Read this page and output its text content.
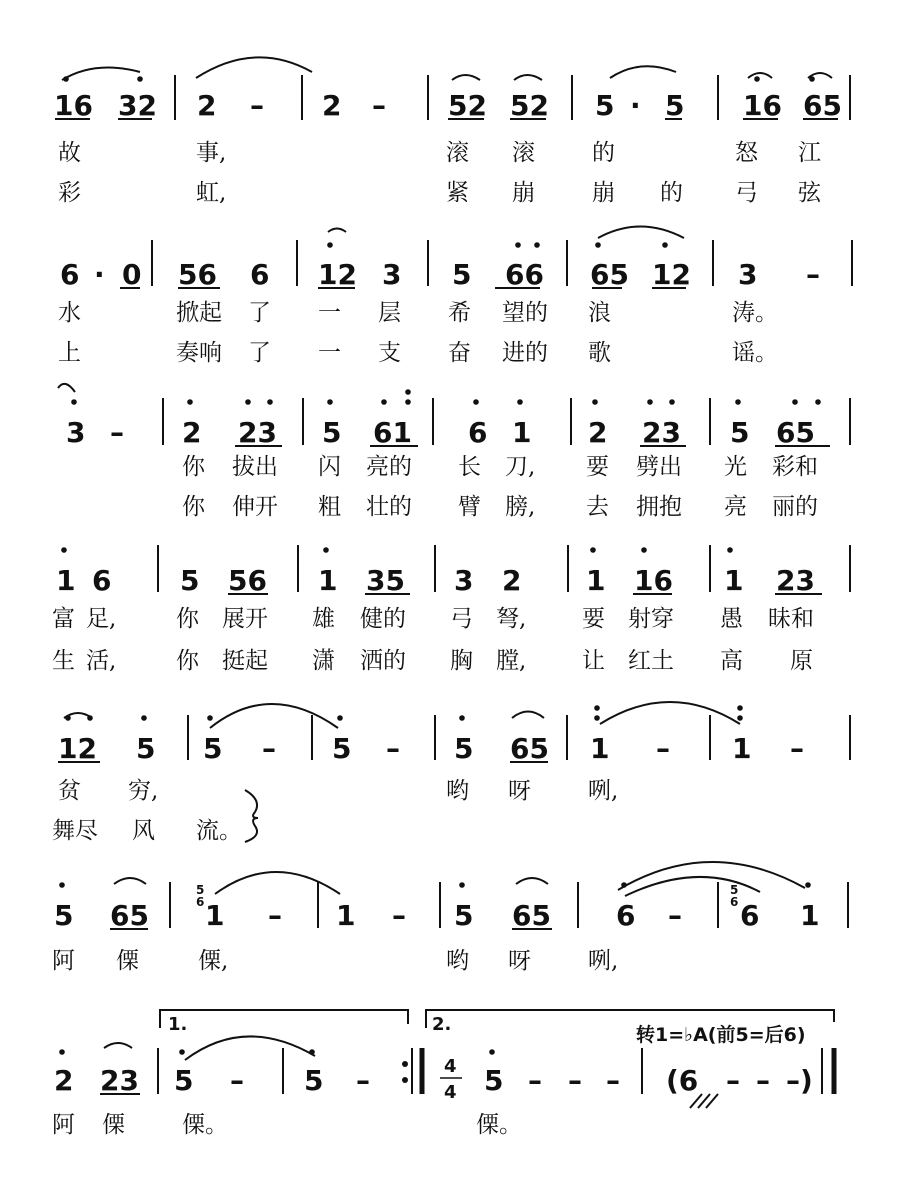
16 32 2 – 2 – 52 52 5 · 5 16 65
6 · 0 56 6 12 3 5 66 65 12 3 –
3 – 2 23 5 61 6 1 2 23 5 65
1 6 5 56 1 35 3 2 1 16 1 23
12 5 5 – 5 – 5 65 1 – 1 –
5 65 1 – 1 – 5 65 6 – 6 1
2 23 5 – 5 –	5 – – – (6 – – –)
5
6
5
6
1.	2.
4
4
转1=♭A(前5=后6)
故	事,	滚 滚 的	怒 江
彩	虹,	紧 崩 崩 的 弓 弦
水	掀起 了 一 层 希 望的 浪	涛。
上	奏响 了 一 支 奋 进的 歌	谣。
你 拔出 闪 亮的 长 刀, 要 劈出 光 彩和
你 伸开 粗 壮的 臂 膀, 去 拥抱 亮 丽的
富 足,	你 展开 雄 健的 弓 弩, 要 射穿 愚 昧和
生 活,	你 挺起 潇 洒的 胸 膛, 让 红土 高 原
贫 穷,	哟 呀 咧,
舞尽 风 流。
阿 傈	傈,	哟 呀 咧,
阿 傈 傈。	傈。
